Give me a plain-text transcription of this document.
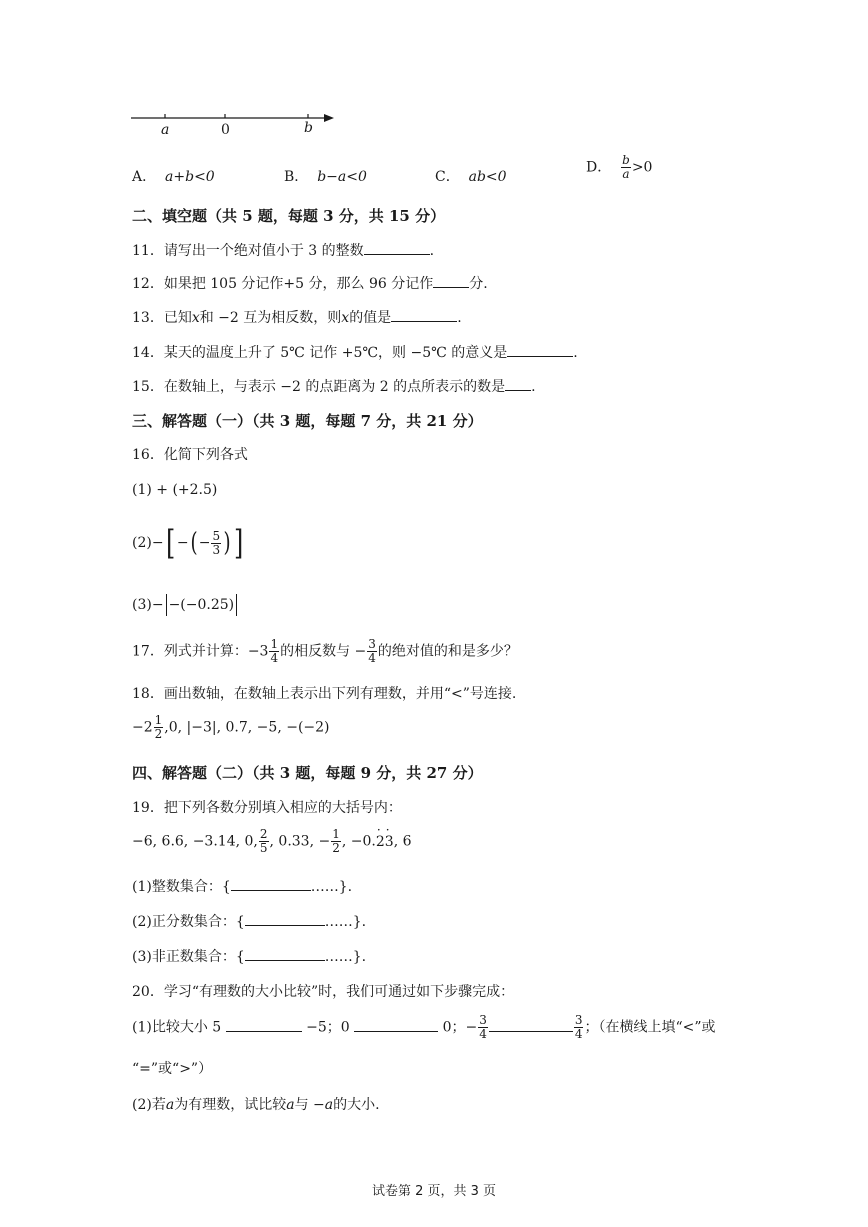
a	0	b
A． a+b<0	B． b−a<0	C． ab<0
D． $\frac{b}{a} >0$
二、填空题（共 5 题，每题 3 分，共 15 分）
11．请写出一个绝对值小于 3 的整数	.
12．如果把 105 分记作+5 分，那么 96 分记作	分.
13．已知x和 −2 互为相反数，则x的值是	.
14．某天的温度上升了 5℃ 记作 +5℃，则 −5℃ 的意义是	.
15．在数轴上，与表示 −2 的点距离为 2 的点所表示的数是 .
三、解答题（一）（共 3 题，每题 7 分，共 21 分）
16．化简下列各式
(1) + (+2.5)
(2)−[ −( − $\frac{5}{3}$ ) ]
(3)− −(−0.25)
17．列式并计算：$-3 \frac{1}{4}$ 的相反数与 − $\frac{3}{4}$ 的绝对值的和是多少？
18．画出数轴，在数轴上表示出下列有理数，并用“<”号连接.
$-2 \frac{1}{2} ,0$, |−3|, 0.7, −5, −(−2)
四、解答题（二）（共 3 题，每题 9 分，共 27 分）
19．把下列各数分别填入相应的大括号内：
−6, 6.6, −3.14, 0, $\frac{2}{5}$ , 0.33, − $\frac{1}{2}$ , −0.· 2· 3, 6
(1)整数集合：{	……}.
(2)正分数集合：{	……}.
(3)非正数集合：{	……}.
20．学习“有理数的大小比较”时，我们可通过如下步骤完成：
(1)比较大小 5	−5；0	0；− $\frac{3}{4}$	$\frac{3}{4}$ ；（在横线上填“<”或
“=”或“>”）
(2)若a为有理数，试比较a与 −a的大小.
试卷第 2 页，共 3 页
